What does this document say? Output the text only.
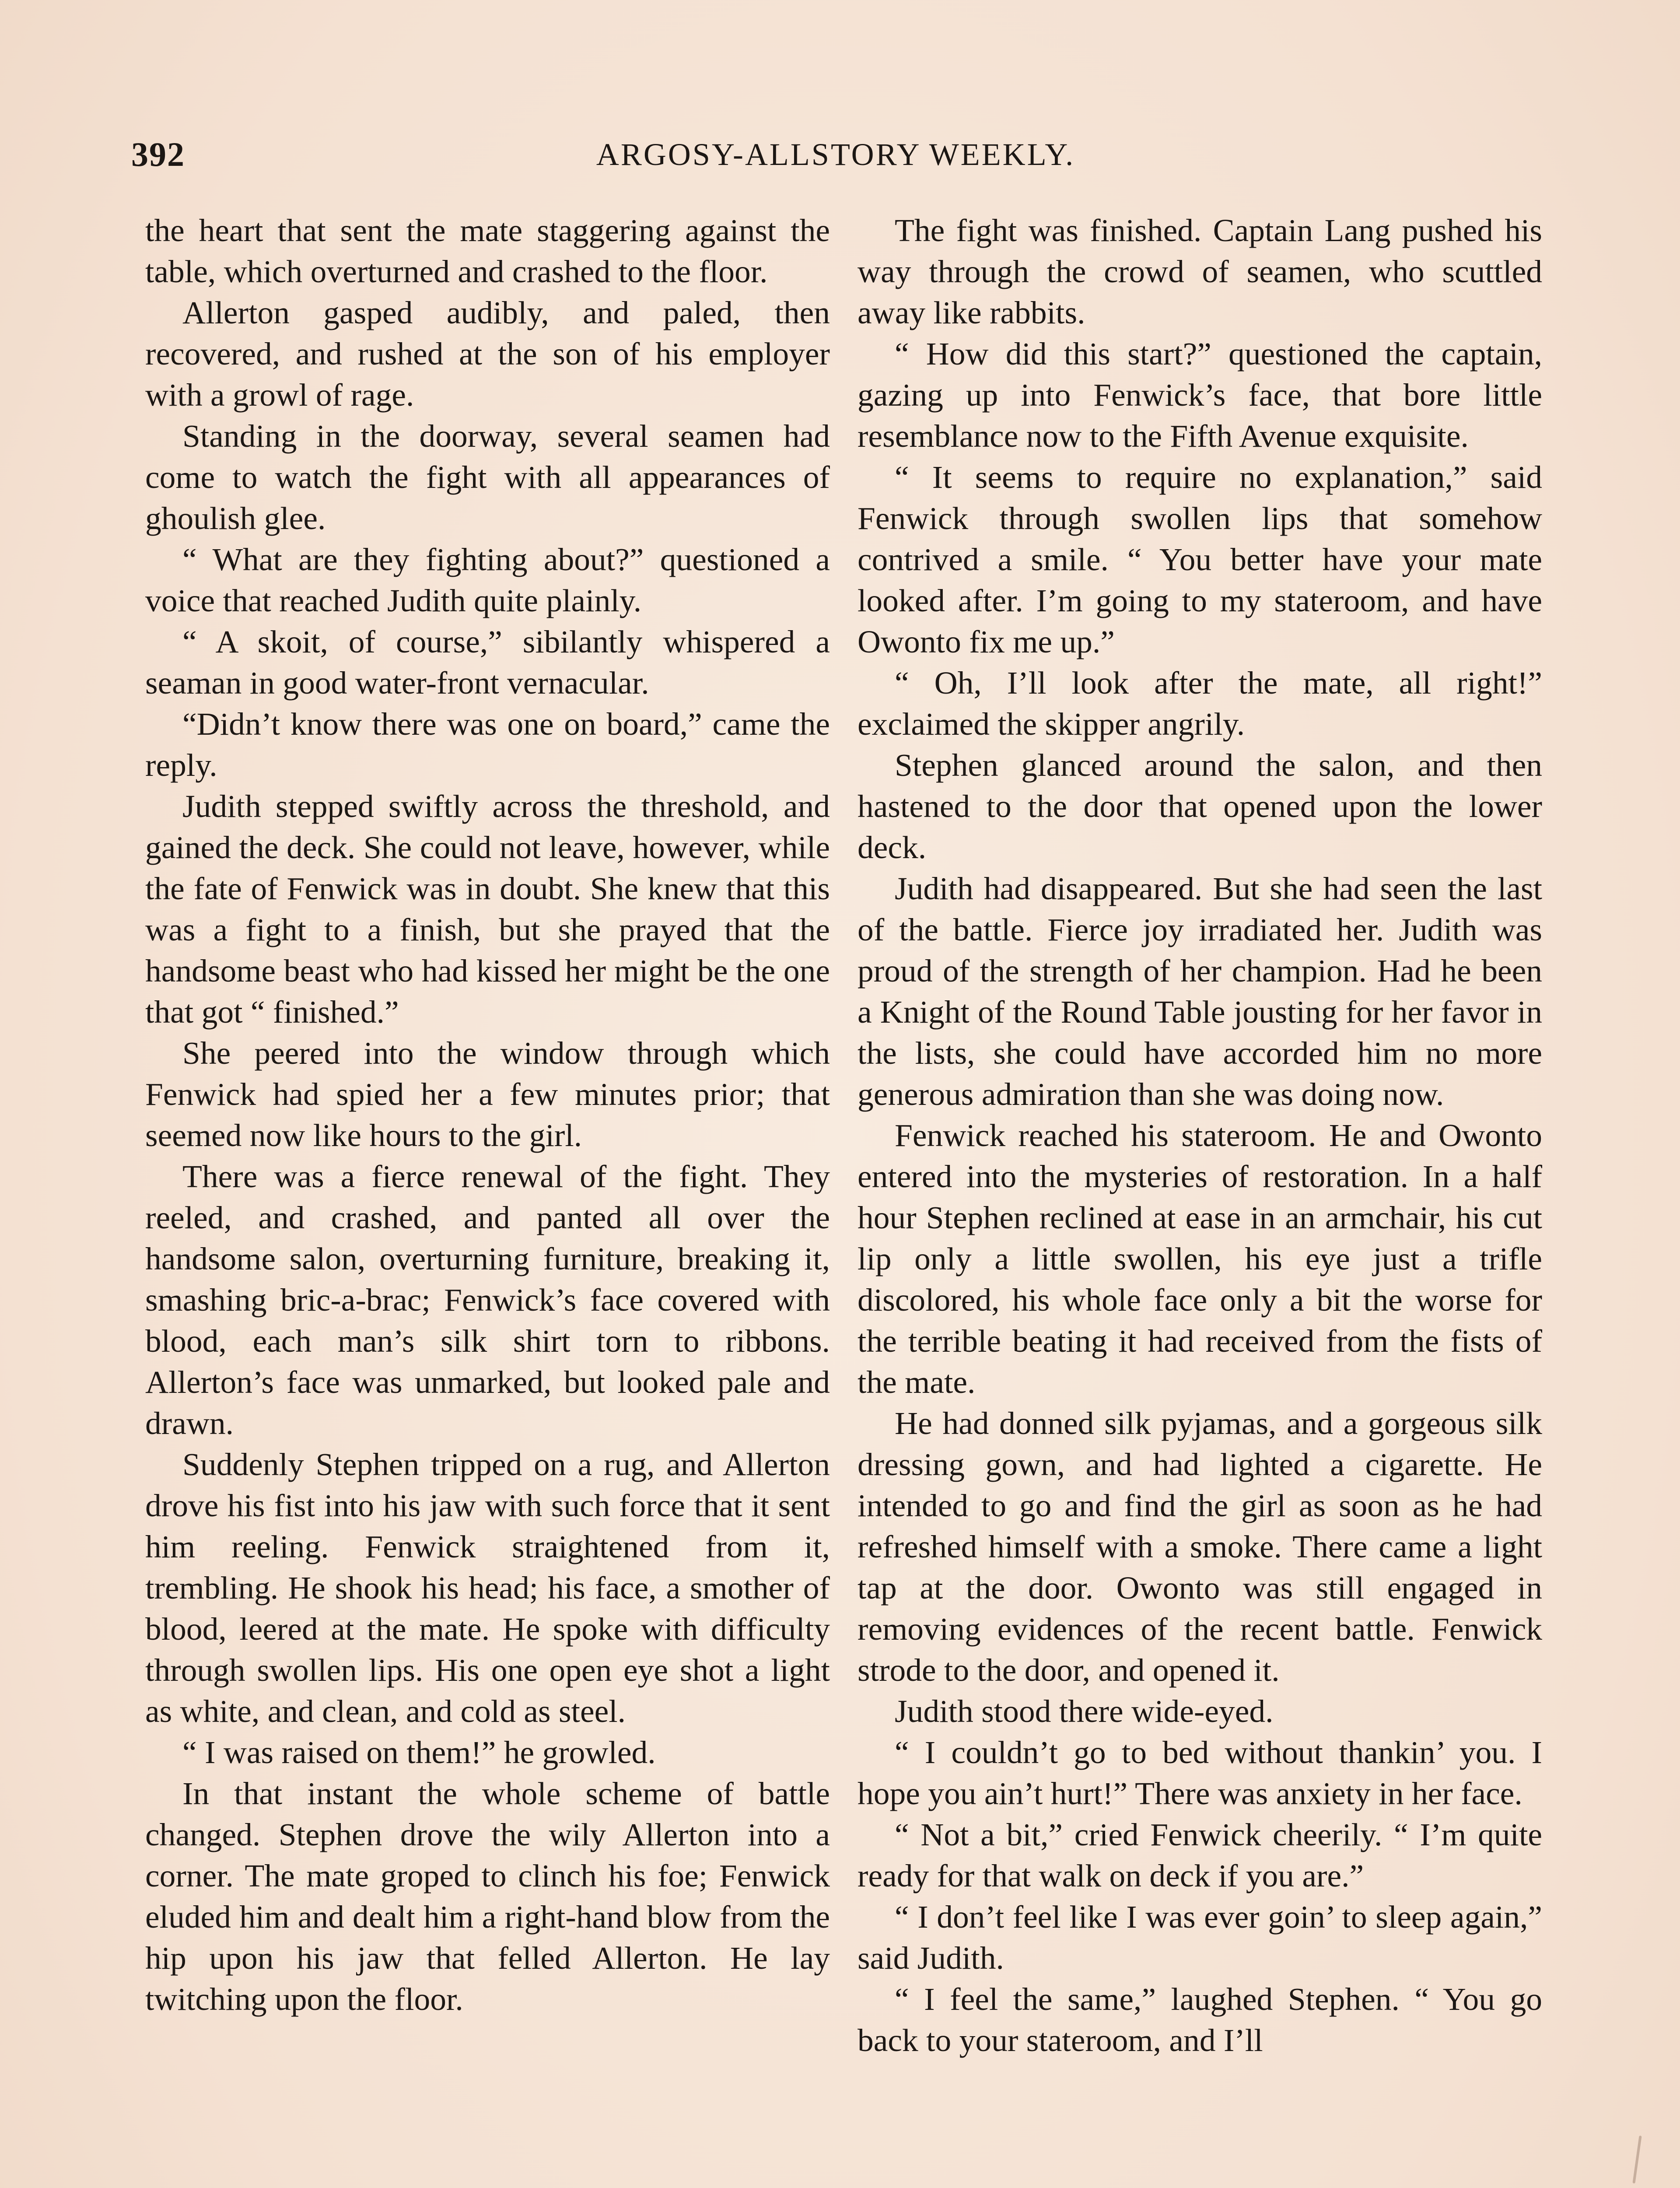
392	ARGOSY-ALLSTORY WEEKLY.

the heart that sent the mate staggering against the table, which overturned and crashed to the floor.

Allerton gasped audibly, and paled, then recovered, and rushed at the son of his employer with a growl of rage.

Standing in the doorway, several seamen had come to watch the fight with all appearances of ghoulish glee.

“ What are they fighting about?” questioned a voice that reached Judith quite plainly.

“ A skoit, of course,” sibilantly whispered a seaman in good water-front vernacular.

“Didn’t know there was one on board,” came the reply.

Judith stepped swiftly across the threshold, and gained the deck. She could not leave, however, while the fate of Fenwick was in doubt. She knew that this was a fight to a finish, but she prayed that the handsome beast who had kissed her might be the one that got “ finished.”

She peered into the window through which Fenwick had spied her a few minutes prior; that seemed now like hours to the girl.

There was a fierce renewal of the fight. They reeled, and crashed, and panted all over the handsome salon, overturning furniture, breaking it, smashing bric-a-brac; Fenwick’s face covered with blood, each man’s silk shirt torn to ribbons. Allerton’s face was unmarked, but looked pale and drawn.

Suddenly Stephen tripped on a rug, and Allerton drove his fist into his jaw with such force that it sent him reeling. Fenwick straightened from it, trembling. He shook his head; his face, a smother of blood, leered at the mate. He spoke with difficulty through swollen lips. His one open eye shot a light as white, and clean, and cold as steel.

“ I was raised on them!” he growled.

In that instant the whole scheme of battle changed. Stephen drove the wily Allerton into a corner. The mate groped to clinch his foe; Fenwick eluded him and dealt him a right-hand blow from the hip upon his jaw that felled Allerton. He lay twitching upon the floor.

The fight was finished. Captain Lang pushed his way through the crowd of seamen, who scuttled away like rabbits.

“ How did this start?” questioned the captain, gazing up into Fenwick’s face, that bore little resemblance now to the Fifth Avenue exquisite.

“ It seems to require no explanation,” said Fenwick through swollen lips that somehow contrived a smile. “ You better have your mate looked after. I’m going to my stateroom, and have Owonto fix me up.”

“ Oh, I’ll look after the mate, all right!” exclaimed the skipper angrily.

Stephen glanced around the salon, and then hastened to the door that opened upon the lower deck.

Judith had disappeared. But she had seen the last of the battle. Fierce joy irradiated her. Judith was proud of the strength of her champion. Had he been a Knight of the Round Table jousting for her favor in the lists, she could have accorded him no more generous admiration than she was doing now.

Fenwick reached his stateroom. He and Owonto entered into the mysteries of restoration. In a half hour Stephen reclined at ease in an armchair, his cut lip only a little swollen, his eye just a trifle discolored, his whole face only a bit the worse for the terrible beating it had received from the fists of the mate.

He had donned silk pyjamas, and a gorgeous silk dressing gown, and had lighted a cigarette. He intended to go and find the girl as soon as he had refreshed himself with a smoke. There came a light tap at the door. Owonto was still engaged in removing evidences of the recent battle. Fenwick strode to the door, and opened it.

Judith stood there wide-eyed.

“ I couldn’t go to bed without thankin’ you. I hope you ain’t hurt!” There was anxiety in her face.

“ Not a bit,” cried Fenwick cheerily. “ I’m quite ready for that walk on deck if you are.”

“ I don’t feel like I was ever goin’ to sleep again,” said Judith.

“ I feel the same,” laughed Stephen. “ You go back to your stateroom, and I’ll
